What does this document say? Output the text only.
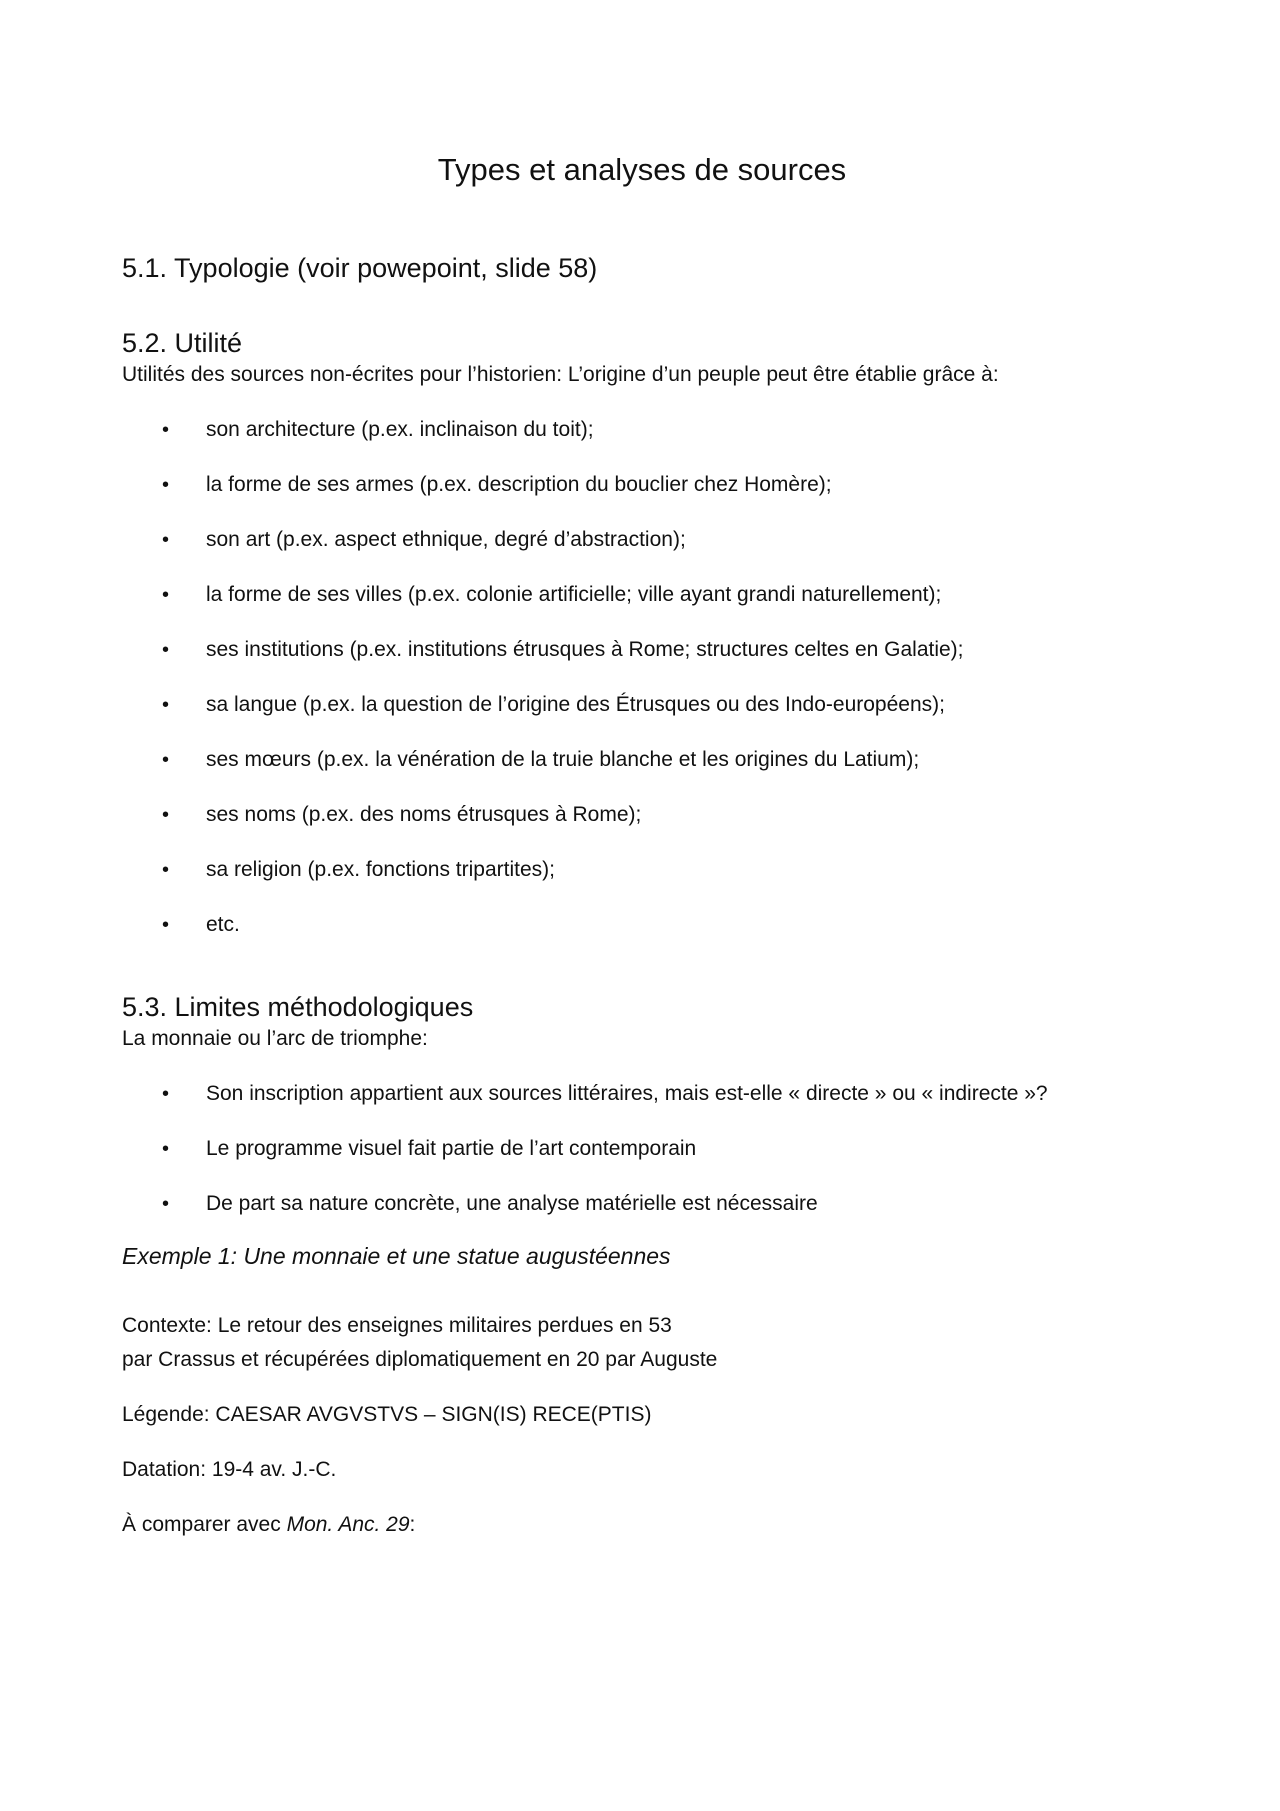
Types et analyses de sources
5.1. Typologie (voir powepoint, slide 58)
5.2. Utilité

Utilités des sources non-écrites pour l’historien: L’origine d’un peuple peut être établie grâce à:

• son architecture (p.ex. inclinaison du toit);
• la forme de ses armes (p.ex. description du bouclier chez Homère);
• son art (p.ex. aspect ethnique, degré d’abstraction);
• la forme de ses villes (p.ex. colonie artificielle; ville ayant grandi naturellement);
• ses institutions (p.ex. institutions étrusques à Rome; structures celtes en Galatie);
• sa langue (p.ex. la question de l’origine des Étrusques ou des Indo-européens);
• ses mœurs (p.ex. la vénération de la truie blanche et les origines du Latium);
• ses noms (p.ex. des noms étrusques à Rome);
• sa religion (p.ex. fonctions tripartites);
• etc.
5.3. Limites méthodologiques

La monnaie ou l’arc de triomphe:

• Son inscription appartient aux sources littéraires, mais est-elle « directe » ou « indirecte »?
• Le programme visuel fait partie de l’art contemporain
• De part sa nature concrète, une analyse matérielle est nécessaire

Exemple 1: Une monnaie et une statue augustéennes

Contexte: Le retour des enseignes militaires perdues en 53

par Crassus et récupérées diplomatiquement en 20 par Auguste

Légende: CAESAR AVGVSTVS – SIGN(IS) RECE(PTIS)

Datation: 19-4 av. J.-C.

À comparer avec Mon. Anc. 29:
